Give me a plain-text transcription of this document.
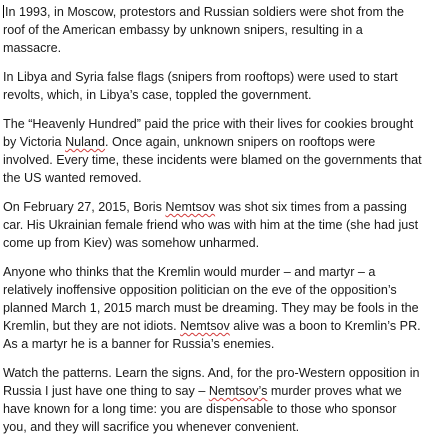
In 1993, in Moscow, protestors and Russian soldiers were shot from the
roof of the American embassy by unknown snipers, resulting in a
massacre.

In Libya and Syria false flags (snipers from rooftops) were used to start
revolts, which, in Libya’s case, toppled the government.

The “Heavenly Hundred” paid the price with their lives for cookies brought
by Victoria Nuland. Once again, unknown snipers on rooftops were
involved. Every time, these incidents were blamed on the governments that
the US wanted removed.

On February 27, 2015, Boris Nemtsov was shot six times from a passing
car. His Ukrainian female friend who was with him at the time (she had just
come up from Kiev) was somehow unharmed.

Anyone who thinks that the Kremlin would murder – and martyr – a
relatively inoffensive opposition politician on the eve of the opposition’s
planned March 1, 2015 march must be dreaming. They may be fools in the
Kremlin, but they are not idiots. Nemtsov alive was a boon to Kremlin’s PR.
As a martyr he is a banner for Russia’s enemies.

Watch the patterns. Learn the signs. And, for the pro-Western opposition in
Russia I just have one thing to say – Nemtsov’s murder proves what we
have known for a long time: you are dispensable to those who sponsor
you, and they will sacrifice you whenever convenient.
